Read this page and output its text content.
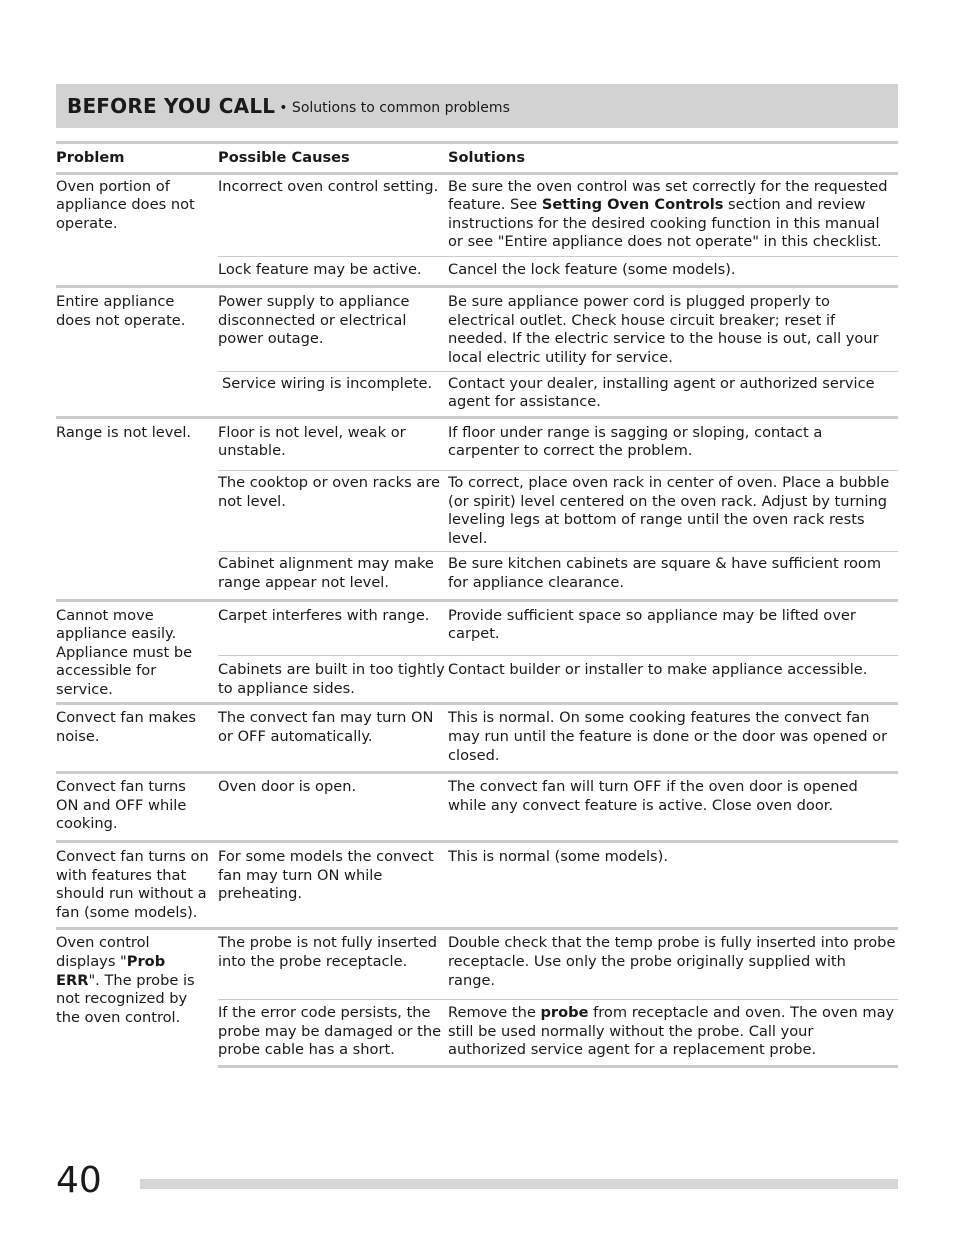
BEFORE YOU CALL • Solutions to common problems
Problem	Possible Causes	Solutions
Oven portion of appliance does not operate.	Incorrect oven control setting.	Be sure the oven control was set correctly for the requested feature. See Setting Oven Controls section and review instructions for the desired cooking function in this manual or see "Entire appliance does not operate" in this checklist.
	Lock feature may be active.	Cancel the lock feature (some models).
Entire appliance does not operate.	Power supply to appliance disconnected or electrical power outage.	Be sure appliance power cord is plugged properly to electrical outlet. Check house circuit breaker; reset if needed. If the electric service to the house is out, call your local electric utility for service.
	Service wiring is incomplete.	Contact your dealer, installing agent or authorized service agent for assistance.
Range is not level.	Floor is not level, weak or unstable.	If floor under range is sagging or sloping, contact a carpenter to correct the problem.
	The cooktop or oven racks are not level.	To correct, place oven rack in center of oven. Place a bubble (or spirit) level centered on the oven rack. Adjust by turning leveling legs at bottom of range until the oven rack rests level.
	Cabinet alignment may make range appear not level.	Be sure kitchen cabinets are square & have sufficient room for appliance clearance.
Cannot move appliance easily. Appliance must be accessible for service.	Carpet interferes with range.	Provide sufficient space so appliance may be lifted over carpet.
	Cabinets are built in too tightly to appliance sides.	Contact builder or installer to make appliance accessible.
Convect fan makes noise.	The convect fan may turn ON or OFF automatically.	This is normal. On some cooking features the convect fan may run until the feature is done or the door was opened or closed.
Convect fan turns ON and OFF while cooking.	Oven door is open.	The convect fan will turn OFF if the oven door is opened while any convect feature is active. Close oven door.
Convect fan turns on with features that should run without a fan (some models).	For some models the convect fan may turn ON while preheating.	This is normal (some models).
Oven control displays "Prob ERR". The probe is not recognized by the oven control.	The probe is not fully inserted into the probe receptacle.	Double check that the temp probe is fully inserted into probe receptacle. Use only the probe originally supplied with range.
	If the error code persists, the probe may be damaged or the probe cable has a short.	Remove the probe from receptacle and oven. The oven may still be used normally without the probe. Call your authorized service agent for a replacement probe.
40
